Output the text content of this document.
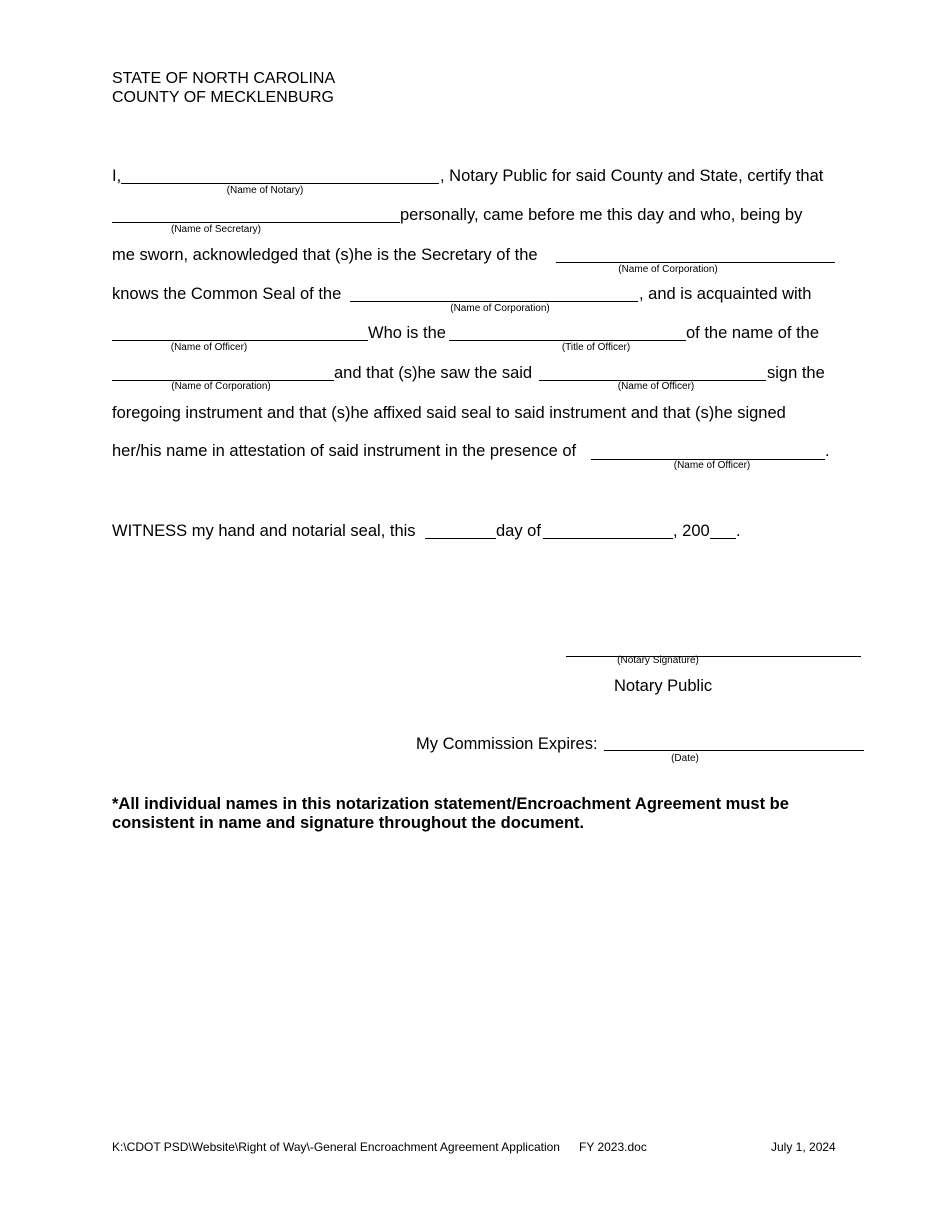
STATE OF NORTH CAROLINA
COUNTY OF MECKLENBURG
I,	, Notary Public for said County and State, certify that
(Name of Notary)
personally, came before me this day and who, being by
(Name of Secretary)
me sworn, acknowledged that (s)he is the Secretary of the
(Name of Corporation)
knows the Common Seal of the	, and is acquainted with
(Name of Corporation)
Who is the	of the name of the
(Name of Officer)	(Title of Officer)
and that (s)he saw the said	sign the
(Name of Corporation)	(Name of Officer)
foregoing instrument and that (s)he affixed said seal to said instrument and that (s)he signed
her/his name in attestation of said instrument in the presence of	.
(Name of Officer)
WITNESS my hand and notarial seal, this	day of	, 200 .
(Notary Signature)
Notary Public
My Commission Expires:
(Date)
*All individual names in this notarization statement/Encroachment Agreement must be
consistent in name and signature throughout the document.
K:\CDOT PSD\Website\Right of Way\-General Encroachment Agreement Application FY 2023.doc	July 1, 2024
